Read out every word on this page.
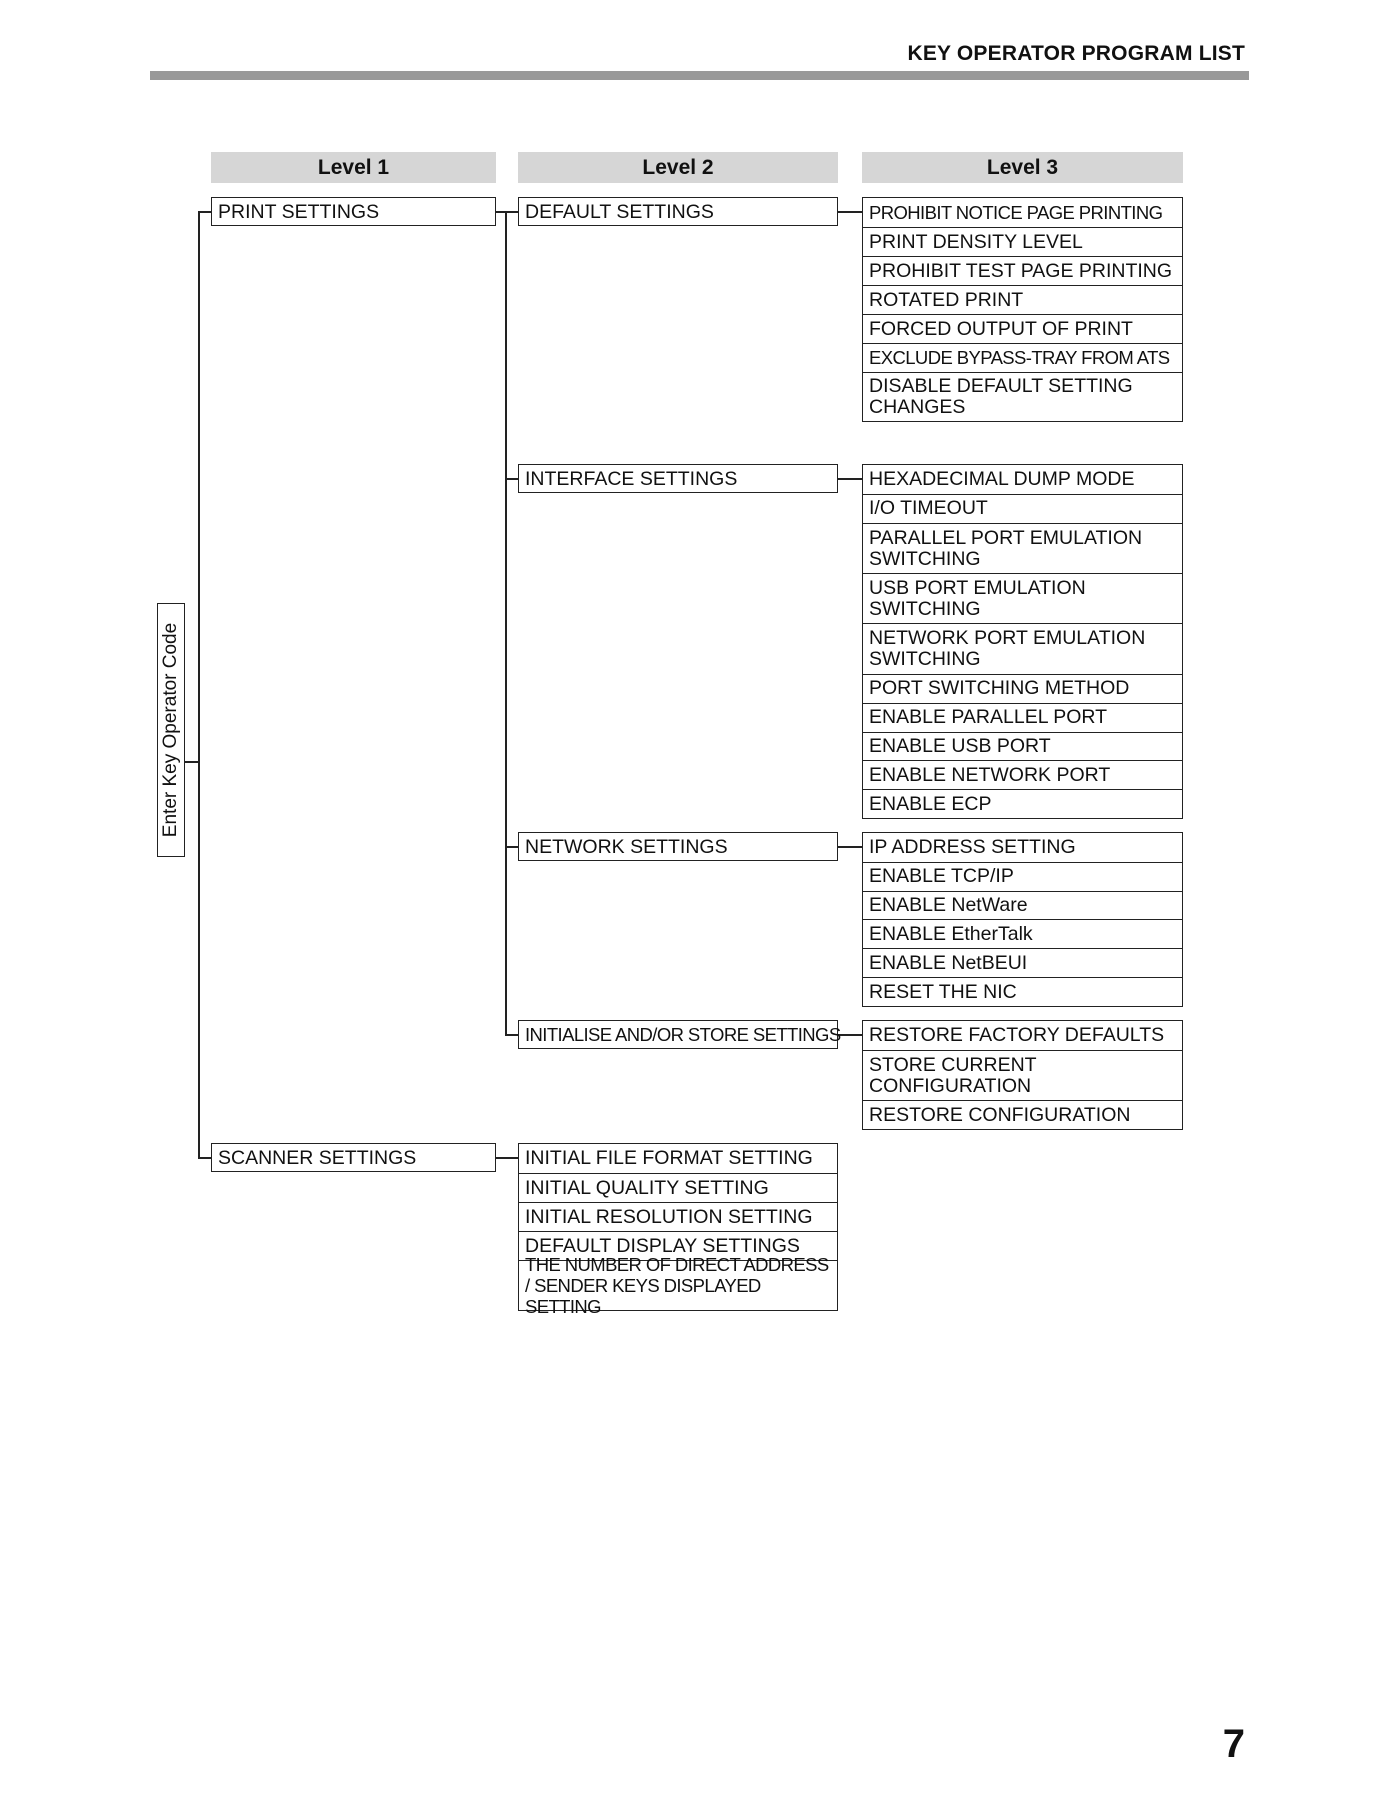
KEY OPERATOR PROGRAM LIST
Level 1	Level 2	Level 3
Enter Key Operator Code
PRINT SETTINGS
SCANNER SETTINGS
DEFAULT SETTINGS
INTERFACE SETTINGS
NETWORK SETTINGS
INITIALISE AND/OR STORE SETTINGS
PROHIBIT NOTICE PAGE PRINTING
PRINT DENSITY LEVEL
PROHIBIT TEST PAGE PRINTING
ROTATED PRINT
FORCED OUTPUT OF PRINT
EXCLUDE BYPASS-TRAY FROM ATS
DISABLE DEFAULT SETTING CHANGES
HEXADECIMAL DUMP MODE
I/O TIMEOUT
PARALLEL PORT EMULATION SWITCHING
USB PORT EMULATION SWITCHING
NETWORK PORT EMULATION SWITCHING
PORT SWITCHING METHOD
ENABLE PARALLEL PORT
ENABLE USB PORT
ENABLE NETWORK PORT
ENABLE ECP
IP ADDRESS SETTING
ENABLE TCP/IP
ENABLE NetWare
ENABLE EtherTalk
ENABLE NetBEUI
RESET THE NIC
RESTORE FACTORY DEFAULTS
STORE CURRENT CONFIGURATION
RESTORE CONFIGURATION
INITIAL FILE FORMAT SETTING
INITIAL QUALITY SETTING
INITIAL RESOLUTION SETTING
DEFAULT DISPLAY SETTINGS
THE NUMBER OF DIRECT ADDRESS / SENDER KEYS DISPLAYED SETTING
7
